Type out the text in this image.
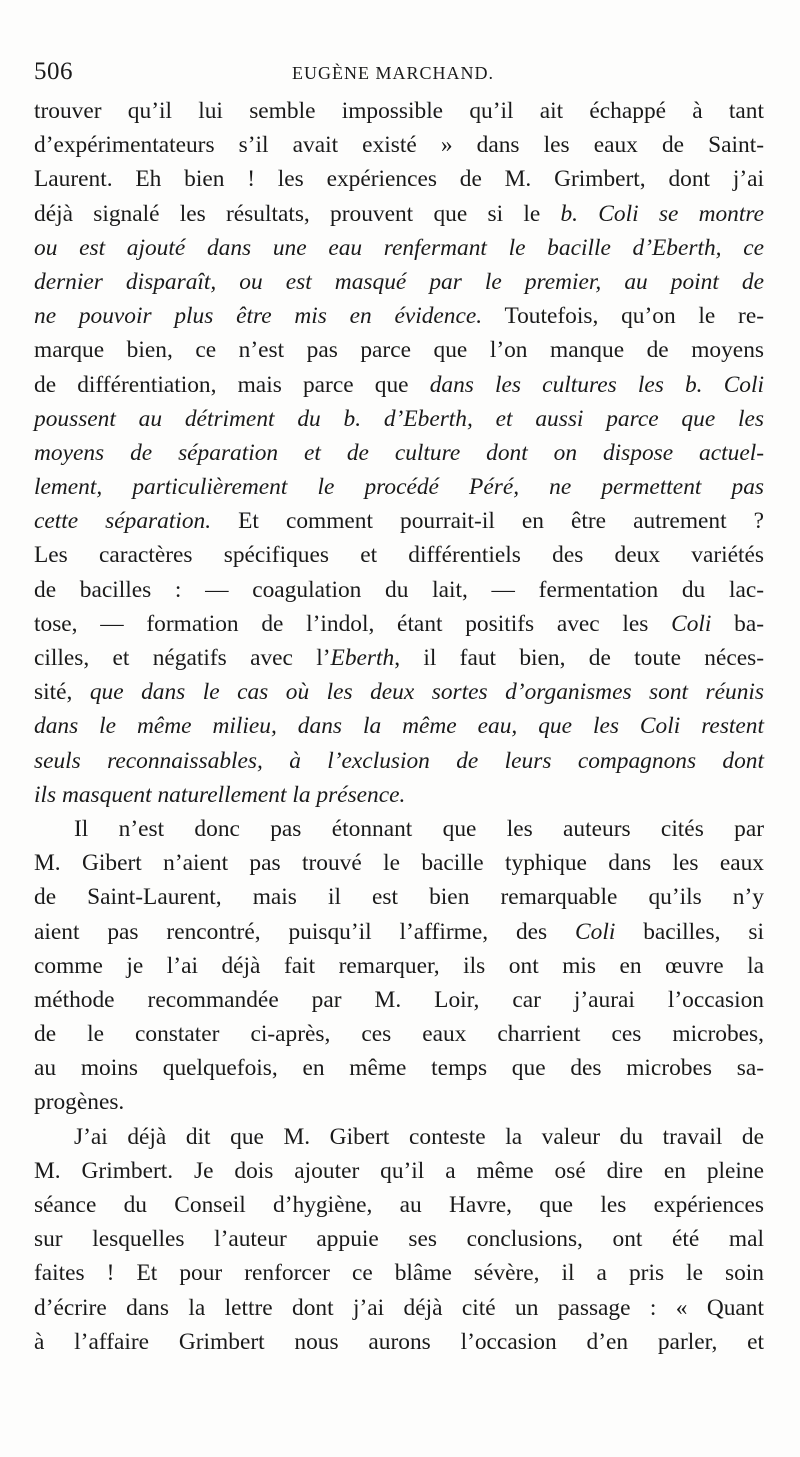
506	EUGÈNE MARCHAND.
trouver qu’il lui semble impossible qu’il ait échappé à tant
d’expérimentateurs s’il avait existé » dans les eaux de Saint-
Laurent. Eh bien ! les expériences de M. Grimbert, dont j’ai
déjà signalé les résultats, prouvent que si le b. Coli se montre
ou est ajouté dans une eau renfermant le bacille d’Eberth, ce
dernier disparaît, ou est masqué par le premier, au point de
ne pouvoir plus être mis en évidence. Toutefois, qu’on le re-
marque bien, ce n’est pas parce que l’on manque de moyens
de différentiation, mais parce que dans les cultures les b. Coli
poussent au détriment du b. d’Eberth, et aussi parce que les
moyens de séparation et de culture dont on dispose actuel-
lement, particulièrement le procédé Péré, ne permettent pas
cette séparation. Et comment pourrait-il en être autrement ?
Les caractères spécifiques et différentiels des deux variétés
de bacilles : — coagulation du lait, — fermentation du lac-
tose, — formation de l’indol, étant positifs avec les Coli ba-
cilles, et négatifs avec l’Eberth, il faut bien, de toute néces-
sité, que dans le cas où les deux sortes d’organismes sont réunis
dans le même milieu, dans la même eau, que les Coli restent
seuls reconnaissables, à l’exclusion de leurs compagnons dont
ils masquent naturellement la présence.
Il n’est donc pas étonnant que les auteurs cités par
M. Gibert n’aient pas trouvé le bacille typhique dans les eaux
de Saint-Laurent, mais il est bien remarquable qu’ils n’y
aient pas rencontré, puisqu’il l’affirme, des Coli bacilles, si
comme je l’ai déjà fait remarquer, ils ont mis en œuvre la
méthode recommandée par M. Loir, car j’aurai l’occasion
de le constater ci-après, ces eaux charrient ces microbes,
au moins quelquefois, en même temps que des microbes sa-
progènes.
J’ai déjà dit que M. Gibert conteste la valeur du travail de
M. Grimbert. Je dois ajouter qu’il a même osé dire en pleine
séance du Conseil d’hygiène, au Havre, que les expériences
sur lesquelles l’auteur appuie ses conclusions, ont été mal
faites ! Et pour renforcer ce blâme sévère, il a pris le soin
d’écrire dans la lettre dont j’ai déjà cité un passage : « Quant
à l’affaire Grimbert nous aurons l’occasion d’en parler, et
